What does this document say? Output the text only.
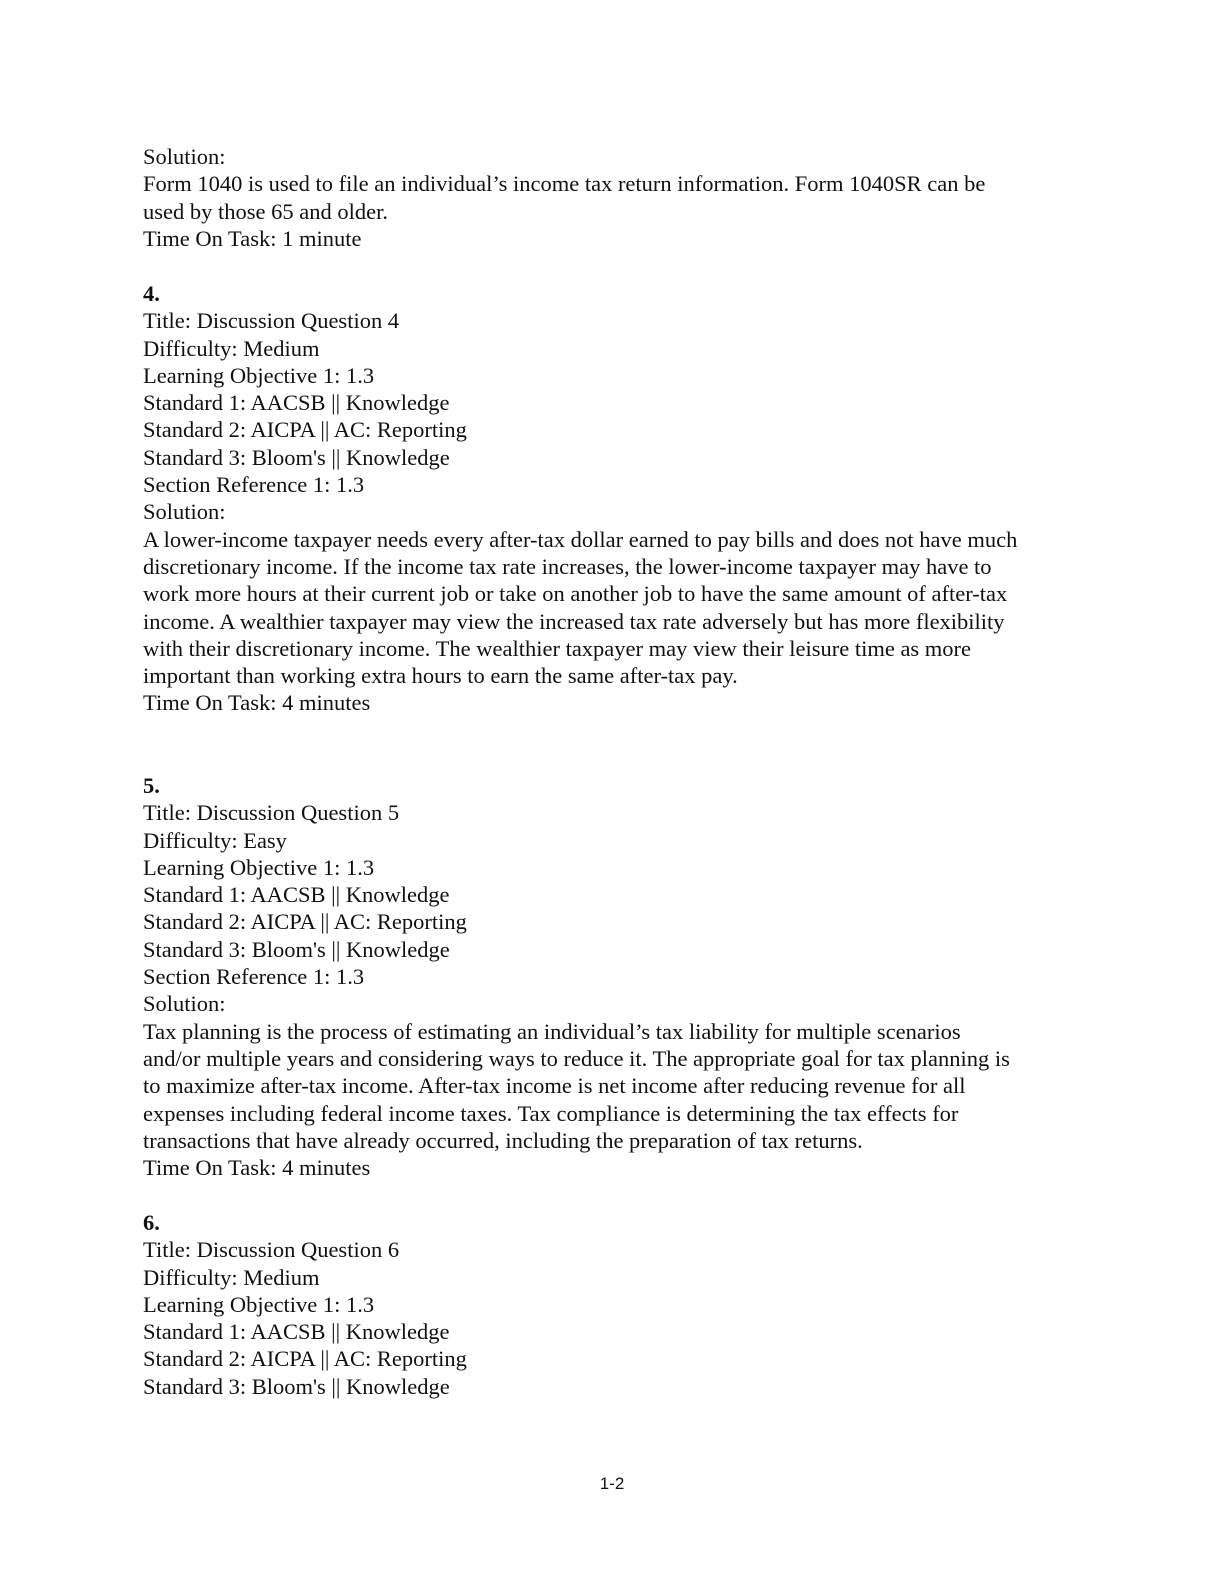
Solution:
Form 1040 is used to file an individual’s income tax return information. Form 1040SR can be
used by those 65 and older.
Time On Task: 1 minute
4.
Title: Discussion Question 4
Difficulty: Medium
Learning Objective 1: 1.3
Standard 1: AACSB || Knowledge
Standard 2: AICPA || AC: Reporting
Standard 3: Bloom's || Knowledge
Section Reference 1: 1.3
Solution:
A lower-income taxpayer needs every after-tax dollar earned to pay bills and does not have much
discretionary income. If the income tax rate increases, the lower-income taxpayer may have to
work more hours at their current job or take on another job to have the same amount of after-tax
income. A wealthier taxpayer may view the increased tax rate adversely but has more flexibility
with their discretionary income. The wealthier taxpayer may view their leisure time as more
important than working extra hours to earn the same after-tax pay.
Time On Task: 4 minutes
5.
Title: Discussion Question 5
Difficulty: Easy
Learning Objective 1: 1.3
Standard 1: AACSB || Knowledge
Standard 2: AICPA || AC: Reporting
Standard 3: Bloom's || Knowledge
Section Reference 1: 1.3
Solution:
Tax planning is the process of estimating an individual’s tax liability for multiple scenarios
and/or multiple years and considering ways to reduce it. The appropriate goal for tax planning is
to maximize after-tax income. After-tax income is net income after reducing revenue for all
expenses including federal income taxes. Tax compliance is determining the tax effects for
transactions that have already occurred, including the preparation of tax returns.
Time On Task: 4 minutes
6.
Title: Discussion Question 6
Difficulty: Medium
Learning Objective 1: 1.3
Standard 1: AACSB || Knowledge
Standard 2: AICPA || AC: Reporting
Standard 3: Bloom's || Knowledge
1-2
